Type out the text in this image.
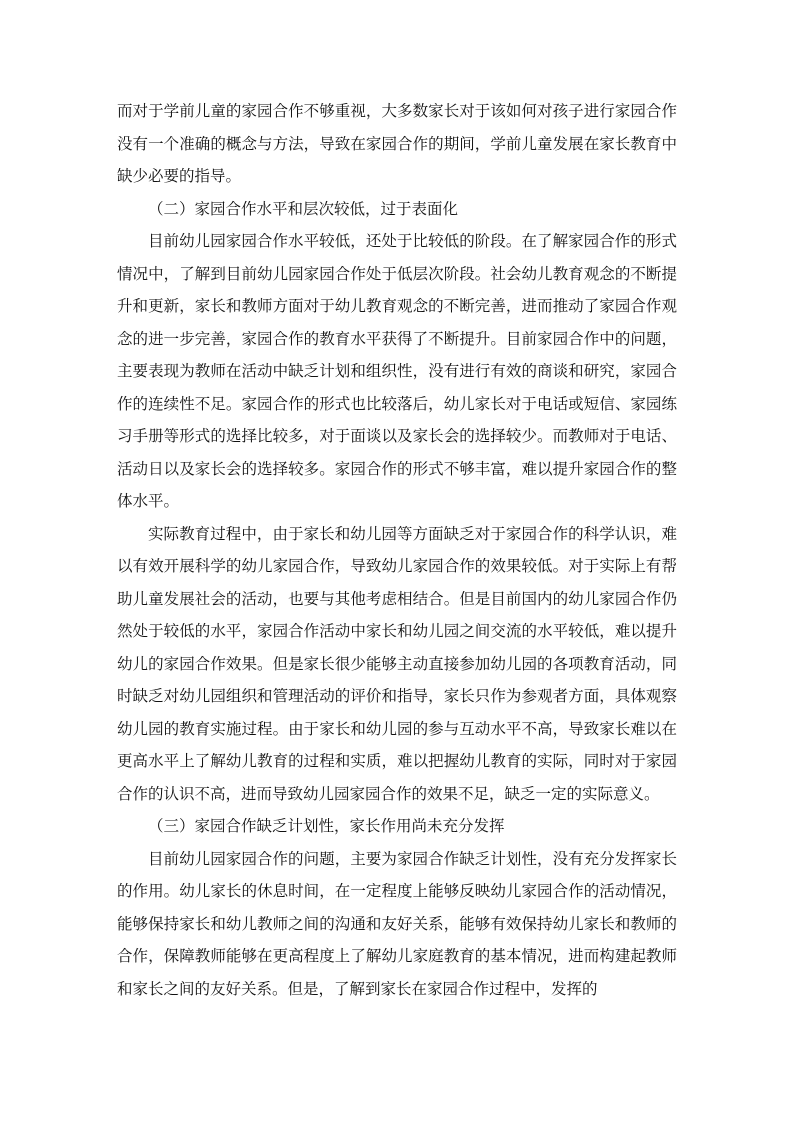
而对于学前儿童的家园合作不够重视，大多数家长对于该如何对孩子进行家园合作没有一个准确的概念与方法，导致在家园合作的期间，学前儿童发展在家长教育中缺少必要的指导。

（二）家园合作水平和层次较低，过于表面化

目前幼儿园家园合作水平较低，还处于比较低的阶段。在了解家园合作的形式情况中，了解到目前幼儿园家园合作处于低层次阶段。社会幼儿教育观念的不断提升和更新，家长和教师方面对于幼儿教育观念的不断完善，进而推动了家园合作观念的进一步完善，家园合作的教育水平获得了不断提升。目前家园合作中的问题，主要表现为教师在活动中缺乏计划和组织性，没有进行有效的商谈和研究，家园合作的连续性不足。家园合作的形式也比较落后，幼儿家长对于电话或短信、家园练习手册等形式的选择比较多，对于面谈以及家长会的选择较少。而教师对于电话、活动日以及家长会的选择较多。家园合作的形式不够丰富，难以提升家园合作的整体水平。

实际教育过程中，由于家长和幼儿园等方面缺乏对于家园合作的科学认识，难以有效开展科学的幼儿家园合作，导致幼儿家园合作的效果较低。对于实际上有帮助儿童发展社会的活动，也要与其他考虑相结合。但是目前国内的幼儿家园合作仍然处于较低的水平，家园合作活动中家长和幼儿园之间交流的水平较低，难以提升幼儿的家园合作效果。但是家长很少能够主动直接参加幼儿园的各项教育活动，同时缺乏对幼儿园组织和管理活动的评价和指导，家长只作为参观者方面，具体观察幼儿园的教育实施过程。由于家长和幼儿园的参与互动水平不高，导致家长难以在更高水平上了解幼儿教育的过程和实质，难以把握幼儿教育的实际，同时对于家园合作的认识不高，进而导致幼儿园家园合作的效果不足，缺乏一定的实际意义。

（三）家园合作缺乏计划性，家长作用尚未充分发挥

目前幼儿园家园合作的问题，主要为家园合作缺乏计划性，没有充分发挥家长的作用。幼儿家长的休息时间，在一定程度上能够反映幼儿家园合作的活动情况，能够保持家长和幼儿教师之间的沟通和友好关系，能够有效保持幼儿家长和教师的合作，保障教师能够在更高程度上了解幼儿家庭教育的基本情况，进而构建起教师和家长之间的友好关系。但是，了解到家长在家园合作过程中，发挥的
